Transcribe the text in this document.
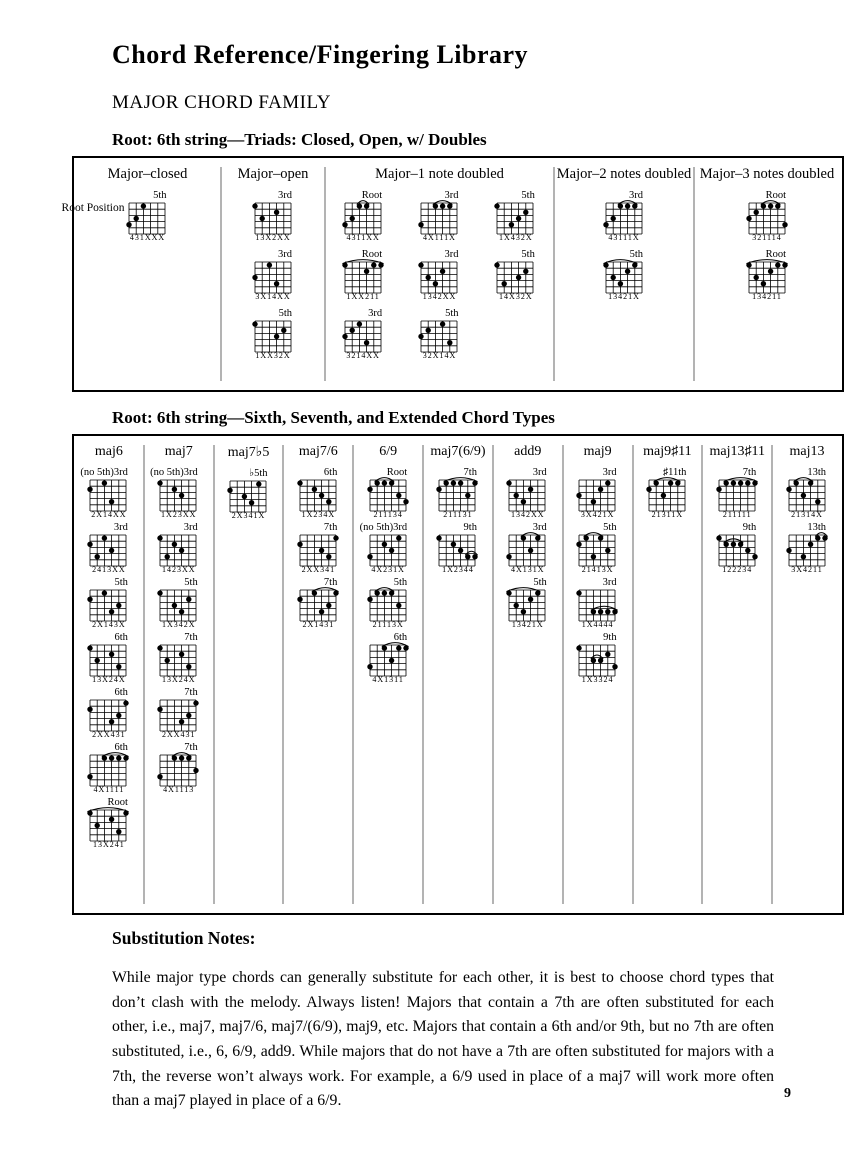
Chord Reference/Fingering Library
MAJOR CHORD FAMILY
Root: 6th string—Triads: Closed, Open, w/ Doubles
Major–closed
Root Position
5th
431XXX
Major–open
3rd
13X2XX
3rd
3X14XX
5th
1XX32X
Major–1 note doubled
Root
4311XX
3rd
4X111X
5th
1X432X
Root
1XX211
3rd
1342XX
5th
14X32X
3rd
3214XX
5th
32X14X
Major–2 notes doubled
3rd
43111X
5th
13421X
Major–3 notes doubled
Root
321114
Root
134211
Root: 6th string—Sixth, Seventh, and Extended Chord Types
maj6
(no 5th)3rd
2X14XX
3rd
2413XX
5th
2X143X
6th
13X24X
6th
2XX431
6th
4X1111
Root
13X241
maj7
(no 5th)3rd
1X23XX
3rd
1423XX
5th
1X342X
7th
13X24X
7th
2XX431
7th
4X1113
maj7♭5
♭5th
2X341X
maj7/6
6th
1X234X
7th
2XX341
7th
2X1431
6/9
Root
211134
(no 5th)3rd
4X231X
5th
21113X
6th
4X1311
maj7(6/9)
7th
211131
9th
1X2344
add9
3rd
1342XX
3rd
4X131X
5th
13421X
maj9
3rd
3X421X
5th
21413X
3rd
1X4444
9th
1X3324
maj9♯11
♯11th
21311X
maj13♯11
7th
211111
9th
122234
maj13
13th
21314X
13th
3X4211
Substitution Notes:

While major type chords can generally substitute for each other, it is best to choose chord types that don’t clash with the melody. Always listen! Majors that contain a 7th are often substituted for each other, i.e., maj7, maj7/6, maj7/(6/9), maj9, etc. Majors that contain a 6th and/or 9th, but no 7th are often substituted, i.e., 6, 6/9, add9. While majors that do not have a 7th are often substituted for majors with a 7th, the reverse won’t always work. For example, a 6/9 used in place of a maj7 will work more often than a maj7 played in place of a 6/9.	9
